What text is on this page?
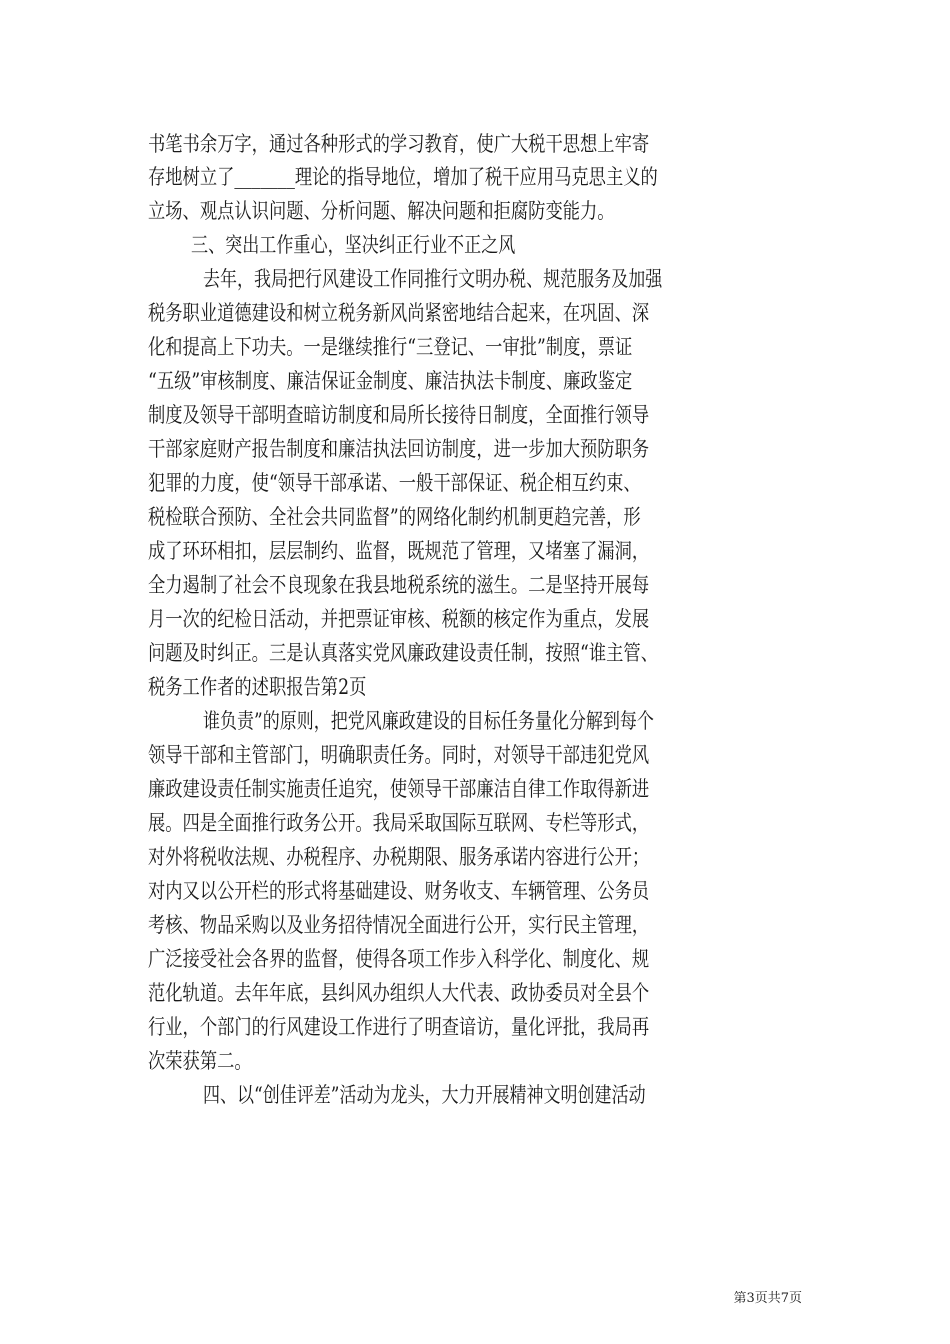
书笔书余万字，通过各种形式的学习教育，使广大税干思想上牢寄
存地树立了_______理论的指导地位，增加了税干应用马克思主义的
立场、观点认识问题、分析问题、解决问题和拒腐防变能力。
三、突出工作重心，坚决纠正行业不正之风
去年，我局把行风建设工作同推行文明办税、规范服务及加强
税务职业道德建设和树立税务新风尚紧密地结合起来，在巩固、深
化和提高上下功夫。一是继续推行“三登记、一审批”制度，票证
“五级”审核制度、廉洁保证金制度、廉洁执法卡制度、廉政鉴定
制度及领导干部明查暗访制度和局所长接待日制度，全面推行领导
干部家庭财产报告制度和廉洁执法回访制度，进一步加大预防职务
犯罪的力度，使“领导干部承诺、一般干部保证、税企相互约束、
税检联合预防、全社会共同监督”的网络化制约机制更趋完善，形
成了环环相扣，层层制约、监督，既规范了管理，又堵塞了漏洞，
全力遏制了社会不良现象在我县地税系统的滋生。二是坚持开展每
月一次的纪检日活动，并把票证审核、税额的核定作为重点，发展
问题及时纠正。三是认真落实党风廉政建设责任制，按照“谁主管、
税务工作者的述职报告第2页
谁负责”的原则，把党风廉政建设的目标任务量化分解到每个
领导干部和主管部门，明确职责任务。同时，对领导干部违犯党风
廉政建设责任制实施责任追究，使领导干部廉洁自律工作取得新进
展。四是全面推行政务公开。我局采取国际互联网、专栏等形式，
对外将税收法规、办税程序、办税期限、服务承诺内容进行公开；
对内又以公开栏的形式将基础建设、财务收支、车辆管理、公务员
考核、物品采购以及业务招待情况全面进行公开，实行民主管理，
广泛接受社会各界的监督，使得各项工作步入科学化、制度化、规
范化轨道。去年年底，县纠风办组织人大代表、政协委员对全县个
行业，个部门的行风建设工作进行了明查谙访，量化评批，我局再
次荣获第二。
四、以“创佳评差”活动为龙头，大力开展精神文明创建活动
第3页共7页
